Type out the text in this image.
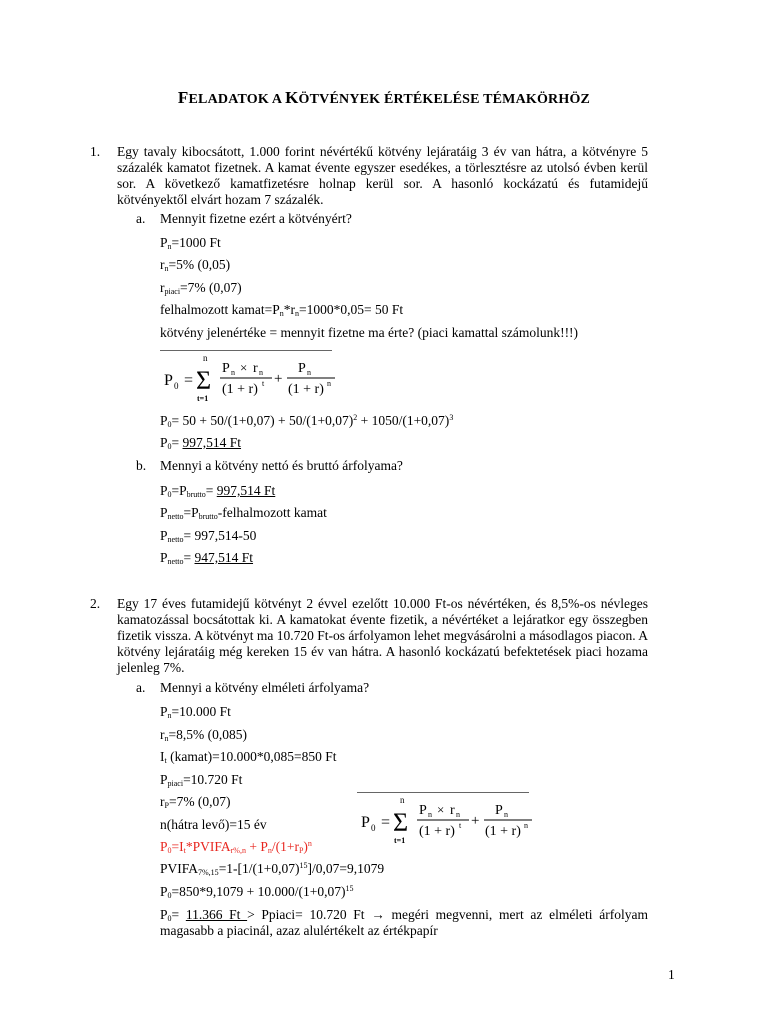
FELADATOK A KÖTVÉNYEK ÉRTÉKELÉSE TÉMAKÖRHÖZ
1. Egy tavaly kibocsátott, 1.000 forint névértékű kötvény lejáratáig 3 év van hátra, a kötvényre 5
százalék kamatot fizetnek. A kamat évente egyszer esedékes, a törlesztésre az utolsó évben kerül
sor. A következő kamatfizetésre holnap kerül sor. A hasonló kockázatú és futamidejű
kötvényektől elvárt hozam 7 százalék.
a. Mennyit fizetne ezért a kötvényért?
$P_n=1000$ Ft
$r_n=5\%$ (0,05)
$r_{piaci}=7\%$ (0,07)
felhalmozott $kamat=P_n*r_n=1000*0,05= 50$ Ft
kötvény jelenértéke = mennyit fizetne ma érte? (piaci kamattal számolunk!!!)
P 0 = Σ
n
t=1
P n × r n
(1 + r) t +
P n
(1 + r) n
$P_0= 50 + 50/(1+0,07) + 50/(1+0,07)^2 + 1050/(1+0,07)^3$
$P_0= 997,514$ Ft
b. Mennyi a kötvény nettó és bruttó árfolyama?
$P_0=P_{brutto}= 997,514$ Ft
$P_{netto}=P_{brutto}$-felhalmozott kamat
$P_{netto}= 997,514-50$
$P_{netto}= 947,514$ Ft
2. Egy 17 éves futamidejű kötvényt 2 évvel ezelőtt 10.000 Ft-os névértéken, és 8,5%-os névleges
kamatozással bocsátottak ki. A kamatokat évente fizetik, a névértéket a lejáratkor egy összegben
fizetik vissza. A kötvényt ma 10.720 Ft-os árfolyamon lehet megvásárolni a másodlagos piacon. A
kötvény lejáratáig még kereken 15 év van hátra. A hasonló kockázatú befektetések piaci hozama
jelenleg 7%.
a. Mennyi a kötvény elméleti árfolyama?
$P_n=10.000$ Ft
$r_n=8,5\%$ (0,085)
$I_t$ (kamat)=10.000*0,085=850 Ft
$P_{piaci}=10.720$ Ft
$r_P=7\%$ (0,07)
n(hátra levő)=15 év
$P_0=I_t*PVIFA_{r\%,n} + P_n/(1+r_P)^n$
$PVIFA_{7\%,15}=1-[1/(1+0,07)^{15}]/0,07=9,1079$
$P_0=850*9,1079 + 10.000/(1+0,07)^{15}$
P 0 = Σ
n
t=1
P n × r n
(1 + r) t +
P n
(1 + r) n
$P_0= 11.366$ Ft > Ppiaci= 10.720 Ft → megéri megvenni, mert az elméleti árfolyam
magasabb a piacinál, azaz alulértékelt az értékpapír
1
